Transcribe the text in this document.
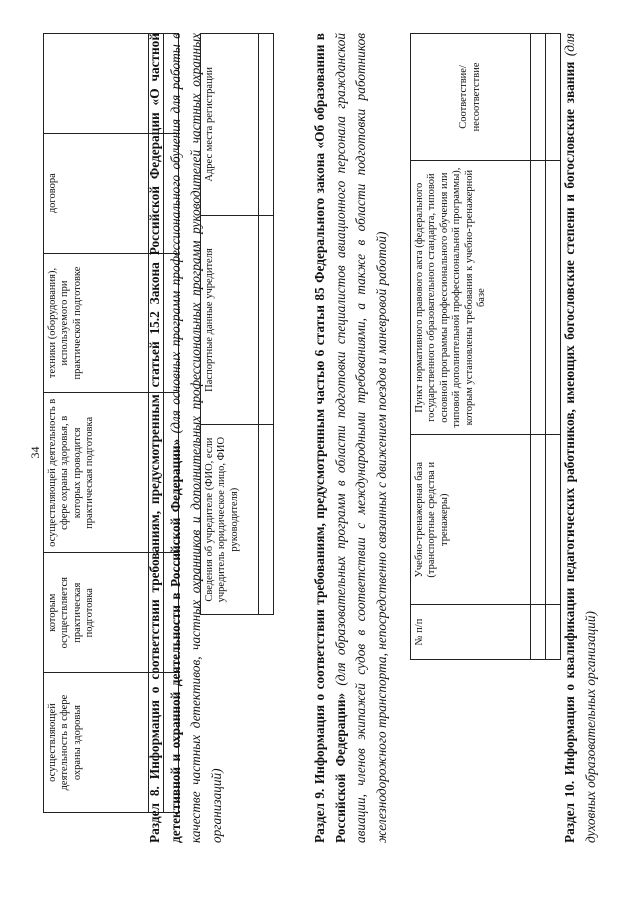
34
осуществляющей деятельность в сфере охраны здоровья	которым осуществляется практическая подготовка	осуществляющей деятельность в сфере охраны здоровья, в которых проводится практическая подготовка	техники (оборудования), используемого при практической подготовке	договора	

						Раздел 8. Информация о соответствии требованиям, предусмотренным статьей 15.2 Закона Российской Федерации «О частной детективной и охранной деятельности в Российской Федерации» (для основных программ профессионального обучения для работы в качестве частных детективов, частных охранников и дополнительных профессиональных программ руководителей частных охранных организаций)
Сведения об учредителе (ФИО, если учредитель юридическое лицо, ФИО руководителя)	Паспортные данные учредителя	Адрес места регистрации
			Раздел 9. Информация о соответствии требованиям, предусмотренным частью 6 статьи 85 Федерального закона «Об образовании в Российской Федерации» (для образовательных программ в области подготовки специалистов авиационного персонала гражданской авиации, членов экипажей судов в соответствии с международными требованиями, а также в области подготовки работников железнодорожного транспорта, непосредственно связанных с движением поездов и маневровой работой)	№ п/п	Учебно-тренажерная база (транспортные средства и тренажеры)	Пункт нормативного правового акта (федерального государственного образовательного стандарта, типовой основной программы профессионального обучения или типовой дополнительной профессиональной программы), которым установлены требования к учебно-тренажерной базе	Соответствие/несоответствие

				Раздел 10. Информация о квалификации педагогических работников, имеющих богословские степени и богословские звания (для духовных образовательных организаций)
